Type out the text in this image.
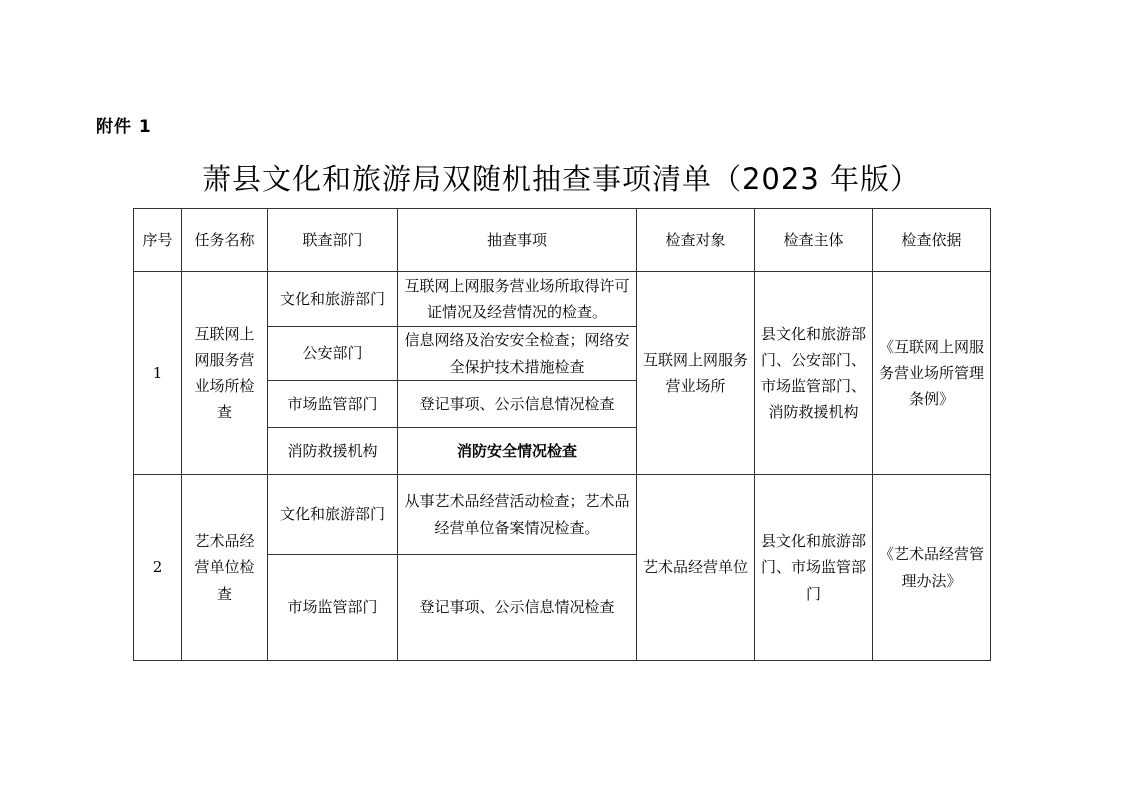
附件 1
萧县文化和旅游局双随机抽查事项清单（2023 年版）
序号	任务名称	联查部门	抽查事项	检查对象	检查主体	检查依据
1	互联网上网服务营业场所检查	文化和旅游部门	互联网上网服务营业场所取得许可证情况及经营情况的检查。	互联网上网服务营业场所	县文化和旅游部门、公安部门、市场监管部门、消防救援机构	《互联网上网服务营业场所管理条例》
		公安部门	信息网络及治安安全检查；网络安全保护技术措施检查			
		市场监管部门	登记事项、公示信息情况检查			
		消防救援机构	消防安全情况检查			
2	艺术品经营单位检查	文化和旅游部门	从事艺术品经营活动检查；艺术品经营单位备案情况检查。	艺术品经营单位	县文化和旅游部门、市场监管部门	《艺术品经营管理办法》
		市场监管部门	登记事项、公示信息情况检查			
